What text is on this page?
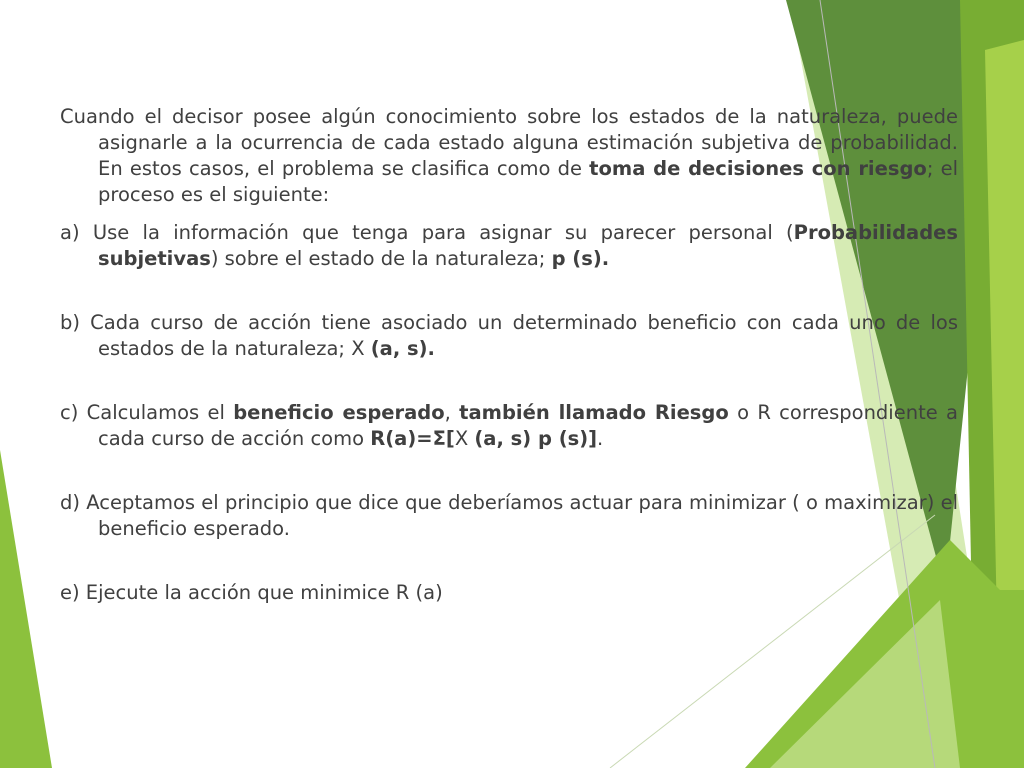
Cuando el decisor posee algún conocimiento sobre los estados de la naturaleza, puede asignarle a la ocurrencia de cada estado alguna estimación subjetiva de probabilidad. En estos casos, el problema se clasifica como de toma de decisiones con riesgo; el proceso es el siguiente:

a) Use la información que tenga para asignar su parecer personal (Probabilidades subjetivas) sobre el estado de la naturaleza; p (s).

b) Cada curso de acción tiene asociado un determinado beneficio con cada uno de los estados de la naturaleza; X (a, s).

c) Calculamos el beneficio esperado, también llamado Riesgo o R correspondiente a cada curso de acción como R(a)=Σ[X (a, s) p (s)].

d) Aceptamos el principio que dice que deberíamos actuar para minimizar ( o maximizar) el beneficio esperado.

e) Ejecute la acción que minimice R (a)
